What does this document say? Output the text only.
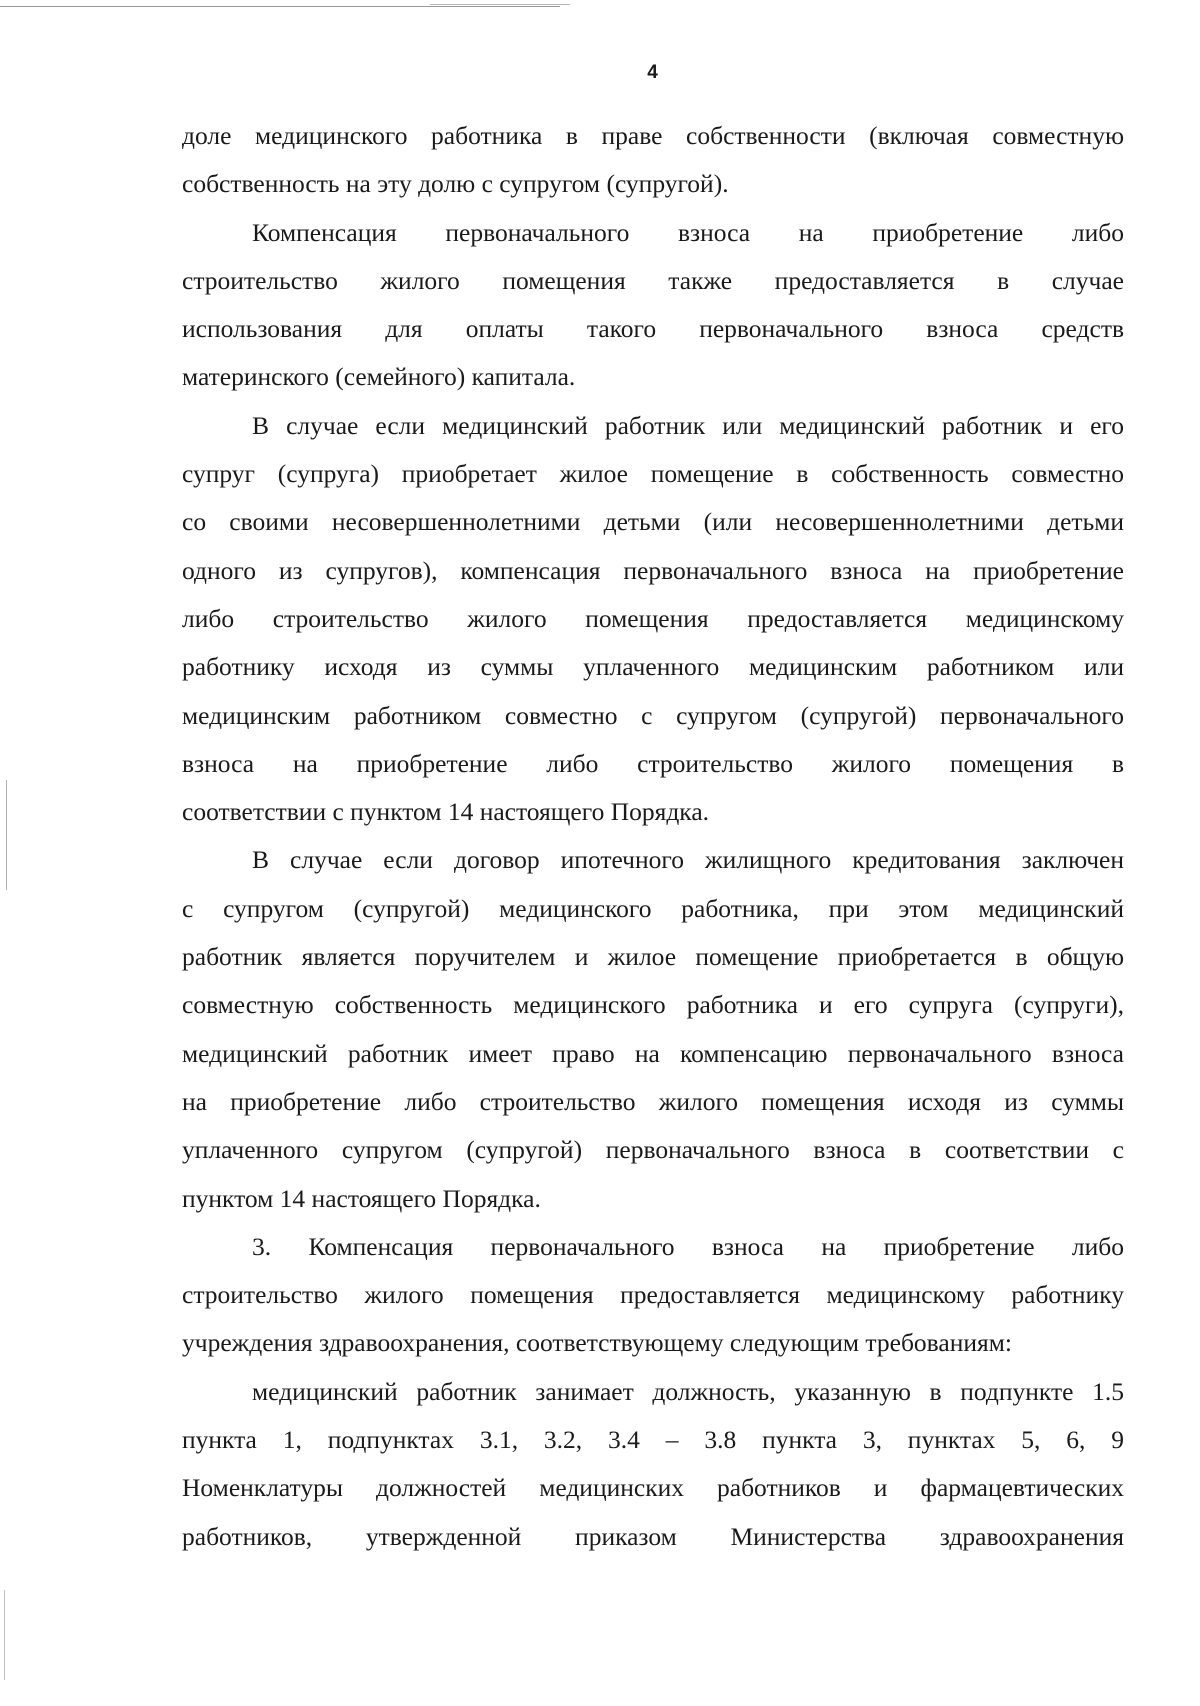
4
доле медицинского работника в праве собственности (включая совместную
собственность на эту долю с супругом (супругой).
Компенсация первоначального взноса на приобретение либо
строительство жилого помещения также предоставляется в случае
использования для оплаты такого первоначального взноса средств
материнского (семейного) капитала.
В случае если медицинский работник или медицинский работник и его
супруг (супруга) приобретает жилое помещение в собственность совместно
со своими несовершеннолетними детьми (или несовершеннолетними детьми
одного из супругов), компенсация первоначального взноса на приобретение
либо строительство жилого помещения предоставляется медицинскому
работнику исходя из суммы уплаченного медицинским работником или
медицинским работником совместно с супругом (супругой) первоначального
взноса на приобретение либо строительство жилого помещения в
соответствии с пунктом 14 настоящего Порядка.
В случае если договор ипотечного жилищного кредитования заключен
с супругом (супругой) медицинского работника, при этом медицинский
работник является поручителем и жилое помещение приобретается в общую
совместную собственность медицинского работника и его супруга (супруги),
медицинский работник имеет право на компенсацию первоначального взноса
на приобретение либо строительство жилого помещения исходя из суммы
уплаченного супругом (супругой) первоначального взноса в соответствии с
пунктом 14 настоящего Порядка.
3. Компенсация первоначального взноса на приобретение либо
строительство жилого помещения предоставляется медицинскому работнику
учреждения здравоохранения, соответствующему следующим требованиям:
медицинский работник занимает должность, указанную в подпункте 1.5
пункта 1, подпунктах 3.1, 3.2, 3.4 – 3.8 пункта 3, пунктах 5, 6, 9
Номенклатуры должностей медицинских работников и фармацевтических
работников, утвержденной приказом Министерства здравоохранения
